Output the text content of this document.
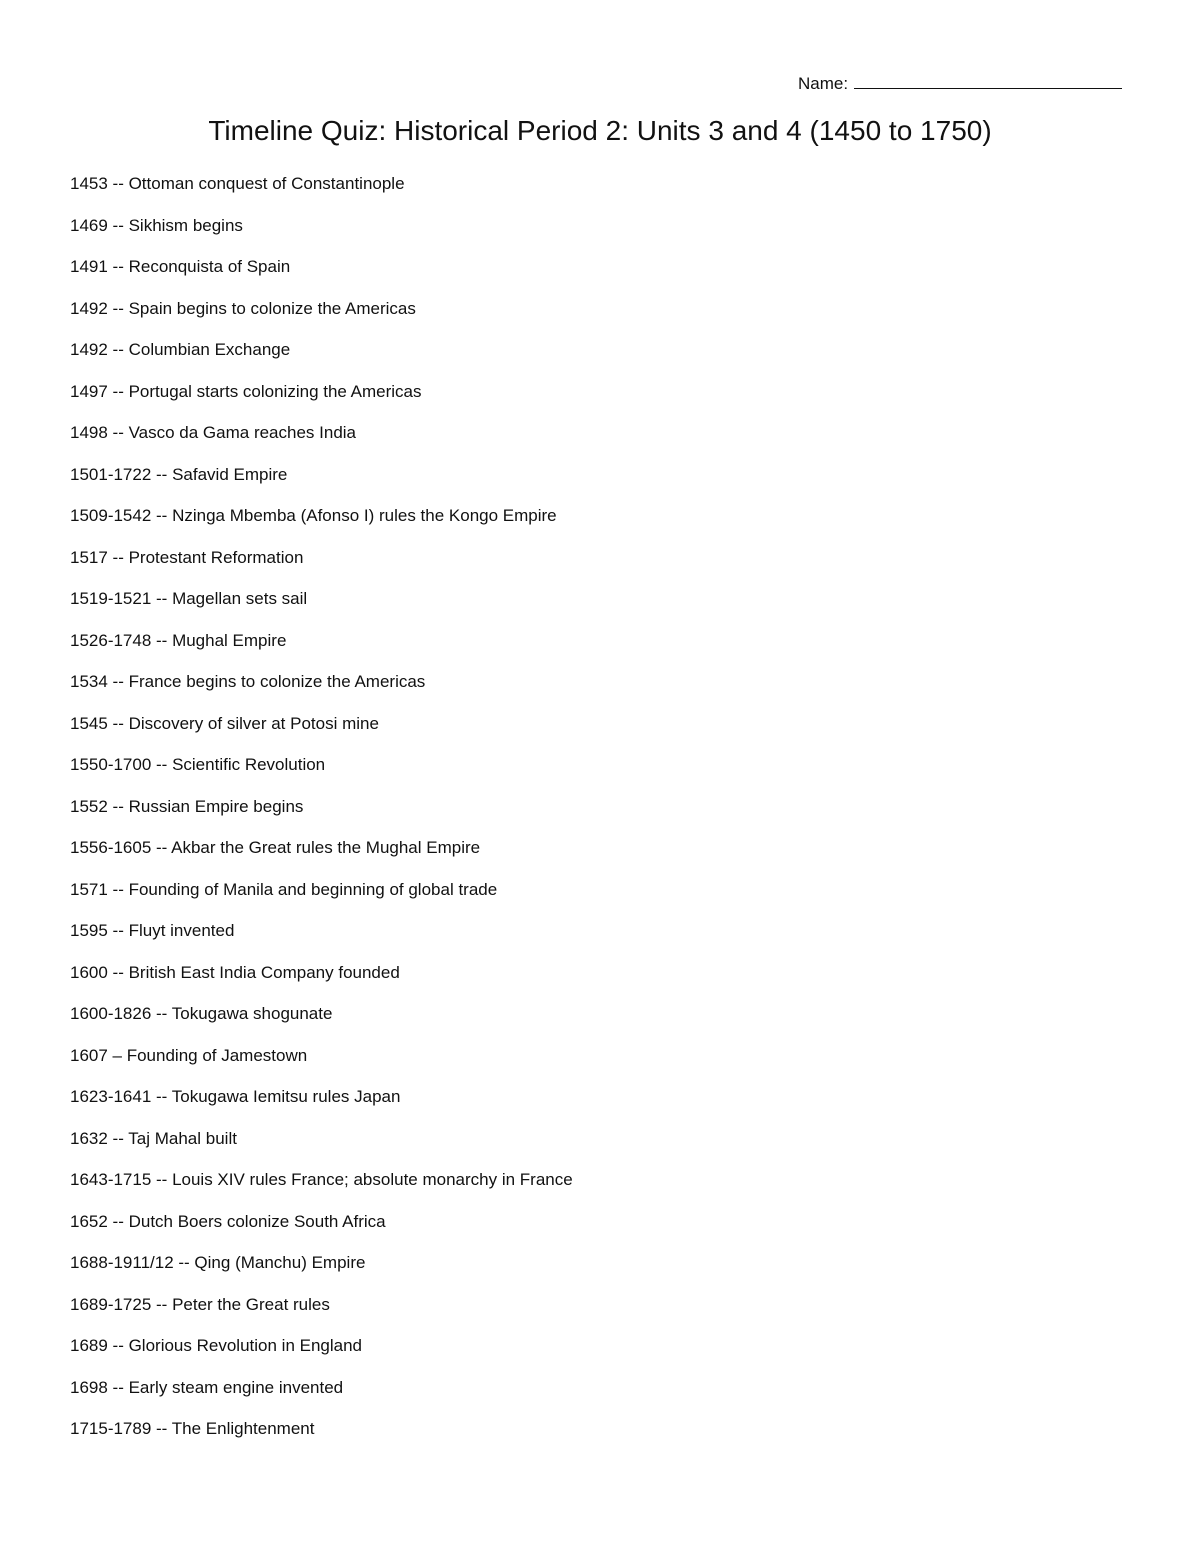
Name:
Timeline Quiz: Historical Period 2: Units 3 and 4 (1450 to 1750)
1453 -- Ottoman conquest of Constantinople
1469 -- Sikhism begins
1491 -- Reconquista of Spain
1492 -- Spain begins to colonize the Americas
1492 -- Columbian Exchange
1497 -- Portugal starts colonizing the Americas
1498 -- Vasco da Gama reaches India
1501-1722 -- Safavid Empire
1509-1542 -- Nzinga Mbemba (Afonso I) rules the Kongo Empire
1517 -- Protestant Reformation
1519-1521 -- Magellan sets sail
1526-1748 -- Mughal Empire
1534 -- France begins to colonize the Americas
1545 -- Discovery of silver at Potosi mine
1550-1700 -- Scientific Revolution
1552 -- Russian Empire begins
1556-1605 -- Akbar the Great rules the Mughal Empire
1571 -- Founding of Manila and beginning of global trade
1595 -- Fluyt invented
1600 -- British East India Company founded
1600-1826 -- Tokugawa shogunate
1607 – Founding of Jamestown
1623-1641 -- Tokugawa Iemitsu rules Japan
1632 -- Taj Mahal built
1643-1715 -- Louis XIV rules France; absolute monarchy in France
1652 -- Dutch Boers colonize South Africa
1688-1911/12 -- Qing (Manchu) Empire
1689-1725 -- Peter the Great rules
1689 -- Glorious Revolution in England
1698 -- Early steam engine invented
1715-1789 -- The Enlightenment
